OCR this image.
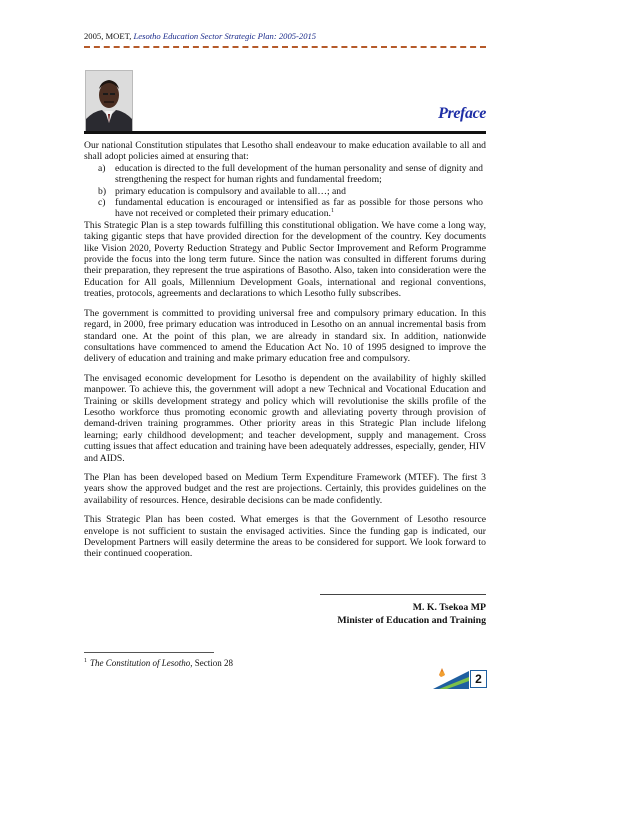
2005, MOET, Lesotho Education Sector Strategic Plan: 2005-2015
Preface

Our national Constitution stipulates that Lesotho shall endeavour to make education available to all and shall adopt policies aimed at ensuring that:

a) education is directed to the full development of the human personality and sense of dignity and strengthening the respect for human rights and fundamental freedom;
b) primary education is compulsory and available to all…; and
c) fundamental education is encouraged or intensified as far as possible for those persons who have not received or completed their primary education.$^1$

This Strategic Plan is a step towards fulfilling this constitutional obligation. We have come a long way, taking gigantic steps that have provided direction for the development of the country. Key documents like Vision 2020, Poverty Reduction Strategy and Public Sector Improvement and Reform Programme provide the focus into the long term future. Since the nation was consulted in different forums during their preparation, they represent the true aspirations of Basotho. Also, taken into consideration were the Education for All goals, Millennium Development Goals, international and regional conventions, treaties, protocols, agreements and declarations to which Lesotho fully subscribes.

The government is committed to providing universal free and compulsory primary education. In this regard, in 2000, free primary education was introduced in Lesotho on an annual incremental basis from standard one. At the point of this plan, we are already in standard six. In addition, nationwide consultations have commenced to amend the Education Act No. 10 of 1995 designed to improve the delivery of education and training and make primary education free and compulsory.

The envisaged economic development for Lesotho is dependent on the availability of highly skilled manpower. To achieve this, the government will adopt a new Technical and Vocational Education and Training or skills development strategy and policy which will revolutionise the skills profile of the Lesotho workforce thus promoting economic growth and alleviating poverty through provision of demand-driven training programmes. Other priority areas in this Strategic Plan include lifelong learning; early childhood development; and teacher development, supply and management. Cross cutting issues that affect education and training have been adequately addresses, especially, gender, HIV and AIDS.

The Plan has been developed based on Medium Term Expenditure Framework (MTEF). The first 3 years show the approved budget and the rest are projections. Certainly, this provides guidelines on the availability of resources. Hence, desirable decisions can be made confidently.

This Strategic Plan has been costed. What emerges is that the Government of Lesotho resource envelope is not sufficient to sustain the envisaged activities. Since the funding gap is indicated, our Development Partners will easily determine the areas to be considered for support. We look forward to their continued cooperation.

M. K. Tsekoa MP
Minister of Education and Training
$^1$ The Constitution of Lesotho, Section 28
2
